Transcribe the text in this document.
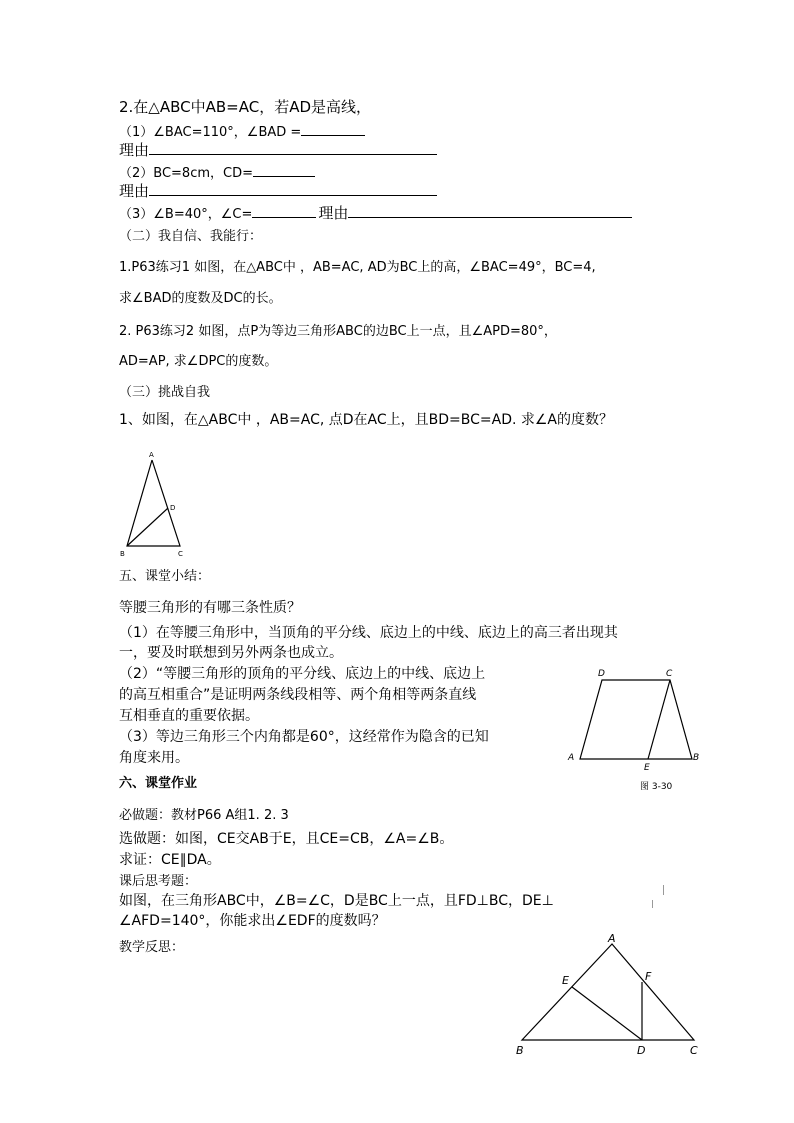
2.在△ABC中AB=AC，若AD是高线，
（1）∠BAC=110°，∠BAD =
理由
（2）BC=8cm，CD=
理由
（3）∠B=40°，∠C=	理由
（二）我自信、我能行：
1.P63练习1 如图，在△ABC中 ，AB=AC, AD为BC上的高，∠BAC=49°，BC=4,
求∠BAD的度数及DC的长。
2. P63练习2 如图，点P为等边三角形ABC的边BC上一点，且∠APD=80°，
AD=AP, 求∠DPC的度数。
（三）挑战自我
1、如图，在△ABC中 ，AB=AC, 点D在AC上，且BD=BC=AD. 求∠A的度数？
A
B	C
D
五、课堂小结：
等腰三角形的有哪三条性质？
（1）在等腰三角形中，当顶角的平分线、底边上的中线、底边上的高三者出现其
一，要及时联想到另外两条也成立。
（2）“等腰三角形的顶角的平分线、底边上的中线、底边上
的高互相重合”是证明两条线段相等、两个角相等两条直线
互相垂直的重要依据。
（3）等边三角形三个内角都是60°，这经常作为隐含的已知
角度来用。
D	C
A	B
E
图 3-30
六、课堂作业
必做题：教材P66 A组1. 2. 3
选做题：如图，CE交AB于E，且CE=CB，∠A=∠B。
求证：CE∥DA。
课后思考题：
如图，在三角形ABC中，∠B=∠C，D是BC上一点，且FD⊥BC，DE⊥
∠AFD=140°，你能求出∠EDF的度数吗？
教学反思：
A
E	F
B	D	C
